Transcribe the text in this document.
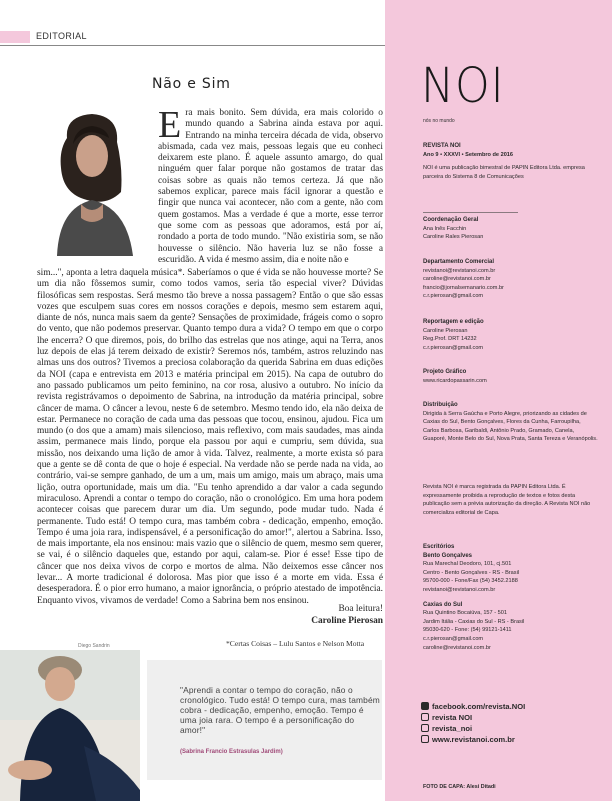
EDITORIAL
Não e Sim
Era mais bonito. Sem dúvida, era mais colorido o mundo quando a Sabrina ainda estava por aqui. Entrando na minha terceira década de vida, observo abismada, cada vez mais, pessoas legais que eu conheci deixarem este plano. É aquele assunto amargo, do qual ninguém quer falar porque não gostamos de tratar das coisas sobre as quais não temos certeza. Já que não sabemos explicar, parece mais fácil ignorar a questão e fingir que nunca vai acontecer, não com a gente, não com quem gostamos. Mas a verdade é que a morte, esse terror que some com as pessoas que adoramos, está por aí, rondado a porta de todo mundo. "Não existiria som, se não houvesse o silêncio. Não haveria luz se não fosse a escuridão. A vida é mesmo assim, dia e noite não e
sim...", aponta a letra daquela música*. Saberíamos o que é vida se não houvesse morte? Se um dia não fôssemos sumir, como todos vamos, seria tão especial viver? Dúvidas filosóficas sem respostas. Será mesmo tão breve a nossa passagem? Então o que são essas vozes que esculpem suas cores em nossos corações e depois, mesmo sem estarem aqui, diante de nós, nunca mais saem da gente? Sensações de proximidade, frágeis como o sopro do vento, que não podemos preservar. Quanto tempo dura a vida? O tempo em que o corpo lhe encerra? O que diremos, pois, do brilho das estrelas que nos atinge, aqui na Terra, anos luz depois de elas já terem deixado de existir? Seremos nós, também, astros reluzindo nas almas uns dos outros? Tivemos a preciosa colaboração da querida Sabrina em duas edições da NOI (capa e entrevista em 2013 e matéria principal em 2015). Na capa de outubro do ano passado publicamos um peito feminino, na cor rosa, alusivo a outubro. No início da revista registrávamos o depoimento de Sabrina, na introdução da matéria principal, sobre câncer de mama. O câncer a levou, neste 6 de setembro. Mesmo tendo ido, ela não deixa de estar. Permanece no coração de cada uma das pessoas que tocou, ensinou, ajudou. Fica um mundo (o dos que a amam) mais silencioso, mais reflexivo, com mais saudades, mas ainda assim, permanece mais lindo, porque ela passou por aqui e cumpriu, sem dúvida, sua missão, nos deixando uma lição de amor à vida. Talvez, realmente, a morte exista só para que a gente se dê conta de que o hoje é especial. Na verdade não se perde nada na vida, ao contrário, vai-se sempre ganhado, de um a um, mais um amigo, mais um abraço, mais uma lição, outra oportunidade, mais um dia. "Eu tenho aprendido a dar valor a cada segundo miraculoso. Aprendi a contar o tempo do coração, não o cronológico. Em uma hora podem acontecer coisas que parecem durar um dia. Um segundo, pode mudar tudo. Nada é permanente. Tudo está! O tempo cura, mas também cobra - dedicação, empenho, emoção. Tempo é uma joia rara, indispensável, é a personificação do amor!", alertou a Sabrina. Isso, de mais importante, ela nos ensinou: mais vazio que o silêncio de quem, mesmo sem querer, se vai, é o silêncio daqueles que, estando por aqui, calam-se. Pior é esse! Esse tipo de câncer que nos deixa vivos de corpo e mortos de alma. Não deixemos esse câncer nos levar... A morte tradicional é dolorosa. Mas pior que isso é a morte em vida. Essa é desesperadora. É o pior erro humano, a maior ignorância, o próprio atestado de impotência. Enquanto vivos, vivamos de verdade! Como a Sabrina bem nos ensinou.
Boa leitura!
Caroline Pierosan
*Certas Coisas – Lulu Santos e Nelson Motta
Diego Sandrin
"Aprendi a contar o tempo do coração, não o cronológico. Tudo está! O tempo cura, mas também cobra - dedicação, empenho, emoção. Tempo é uma joia rara. O tempo é a personificação do amor!"
(Sabrina Francio Estrasulas Jardim)
NOI
nós no mundo
REVISTA NOI
Ano 9 • XXXVI • Setembro de 2016
NOI é uma publicação bimestral de PAPIN Editora Ltda. empresa parceira do Sistema 8 de Comunicações
Coordenação Geral
Ana Inês Facchin
Caroline Rales Pierosan
Departamento Comercial
revistanoi@revistanoi.com.br
caroline@revistanoi.com.br
francio@jornalsemanario.com.br
c.r.pierosan@gmail.com
Reportagem e edição
Caroline Pierosan
Reg.Prof. DRT 14232
c.r.pierosan@gmail.com
Projeto Gráfico
www.ricardopassarin.com
Distribuição
Dirigida à Serra Gaúcha e Porto Alegre, priorizando as cidades de Caxias do Sul, Bento Gonçalves, Flores da Cunha, Farroupilha, Carlos Barbosa, Garibaldi, Antônio Prado, Gramado, Canela, Guaporé, Monte Belo do Sul, Nova Prata, Santa Tereza e Veranópolis.
Revista NOI é marca registrada da PAPIN Editora Ltda. É expressamente proibida a reprodução de textos e fotos desta publicação sem a prévia autorização da direção. A Revista NOI não comercializa editorial de Capa.
Escritórios
Bento Gonçalves
Rua Marechal Deodoro, 101, cj.501
Centro - Bento Gonçalves - RS - Brasil
95700-000 - Fone/Fax (54) 3452.2188
revistanoi@revistanoi.com.br
Caxias do Sul
Rua Quintino Bocaiúva, 157 - 501
Jardim Itália - Caxias do Sul - RS - Brasil
95030-620 - Fone: (54) 99121-1411
c.r.pierosan@gmail.com
caroline@revistanoi.com.br
facebook.com/revista.NOI
revista NOI
revista_noi
www.revistanoi.com.br
FOTO DE CAPA: Alesi Ditadi
